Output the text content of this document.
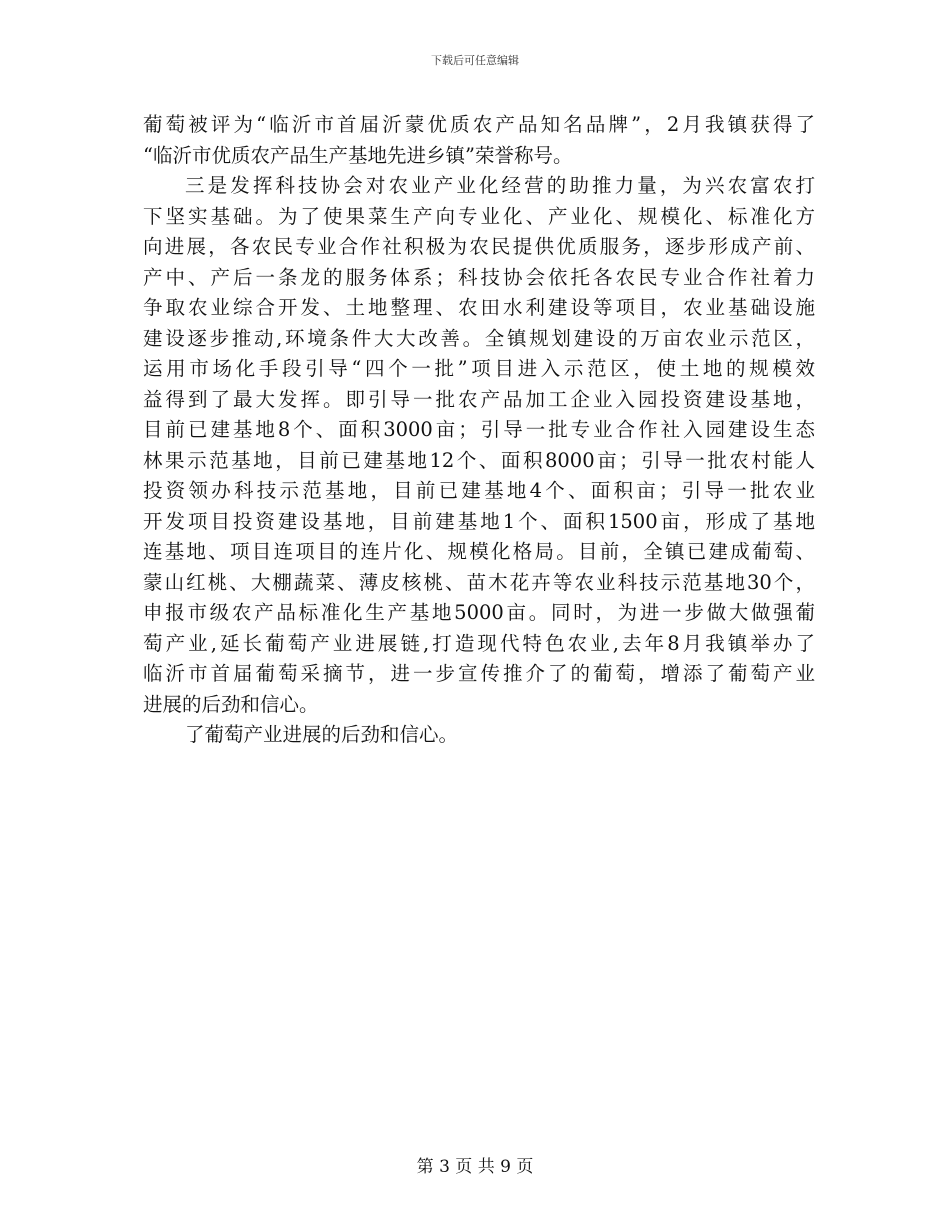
下载后可任意编辑
葡萄被评为“临沂市首届沂蒙优质农产品知名品牌”，2月我镇获得了
“临沂市优质农产品生产基地先进乡镇”荣誉称号。
三是发挥科技协会对农业产业化经营的助推力量，为兴农富农打
下坚实基础。为了使果菜生产向专业化、产业化、规模化、标准化方
向进展，各农民专业合作社积极为农民提供优质服务，逐步形成产前、
产中、产后一条龙的服务体系；科技协会依托各农民专业合作社着力
争取农业综合开发、土地整理、农田水利建设等项目，农业基础设施
建设逐步推动,环境条件大大改善。全镇规划建设的万亩农业示范区，
运用市场化手段引导“四个一批”项目进入示范区，使土地的规模效
益得到了最大发挥。即引导一批农产品加工企业入园投资建设基地，
目前已建基地8个、面积3000亩；引导一批专业合作社入园建设生态
林果示范基地，目前已建基地12个、面积8000亩；引导一批农村能人
投资领办科技示范基地，目前已建基地4个、面积亩；引导一批农业
开发项目投资建设基地，目前建基地1个、面积1500亩，形成了基地
连基地、项目连项目的连片化、规模化格局。目前，全镇已建成葡萄、
蒙山红桃、大棚蔬菜、薄皮核桃、苗木花卉等农业科技示范基地30个，
申报市级农产品标准化生产基地5000亩。同时，为进一步做大做强葡
萄产业,延长葡萄产业进展链,打造现代特色农业,去年8月我镇举办了
临沂市首届葡萄采摘节，进一步宣传推介了的葡萄，增添了葡萄产业
进展的后劲和信心。
了葡萄产业进展的后劲和信心。
第 3 页 共 9 页
